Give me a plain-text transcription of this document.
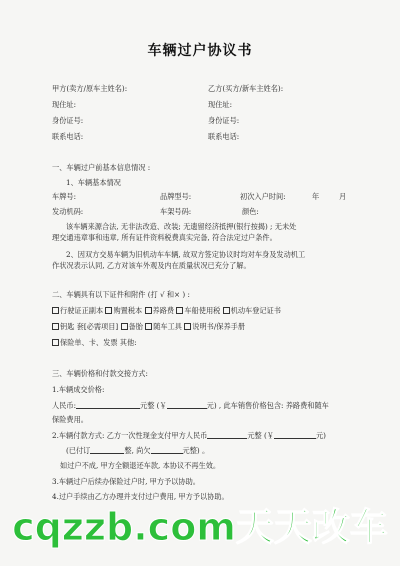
车辆过户协议书
甲方(卖方/原车主姓名):	乙方(买方/新车主姓名):
现住址:	现住址:
身份证号:	身份证号:
联系电话:	联系电话:
一、车辆过户前基本信息情况 :
1、车辆基本情况
车牌号:	品牌型号:	初次入户时间:	年	月
发动机码:	车架号码:	颜色:
该车辆来源合法, 无非法改造、改装; 无遗留经济抵押(银行按揭) ; 无未处
理交通违章事和违章, 所有证件资料税费真实完备, 符合法定过户条件。
2、因双方交易车辆为旧机动车车辆, 故双方签定协议时均对车身及发动机工
作状况表示认同, 乙方对该车外观及内在质量状况已充分了解。
二、车辆具有以下证件和附件 (打 √ 和× ) :
行驶证正副本 购置税本 养路费 车船使用税 机动车登记证书
钥匙 套[必需项目] 备胎 随车工具 说明书/保养手册
保险单、卡、发票 其他:
三、车辆价格和付款交接方式:
1.车辆成交价格:
人民币:	元整 (￥	元) , 此车销售价格包含: 养路费和随车
保险费用。
2.车辆付款方式: 乙方一次性现金支付甲方人民币	元整 (￥	元)
(已付订	整, 尚欠	元整) 。
如过户不成, 甲方全额退还车款, 本协议不再生效。
3.车辆过户后续办保险过户时, 甲方予以协助。
4.过户手续由乙方办理并支付过户费用, 甲方予以协助。
cqzzb.com天天改车
